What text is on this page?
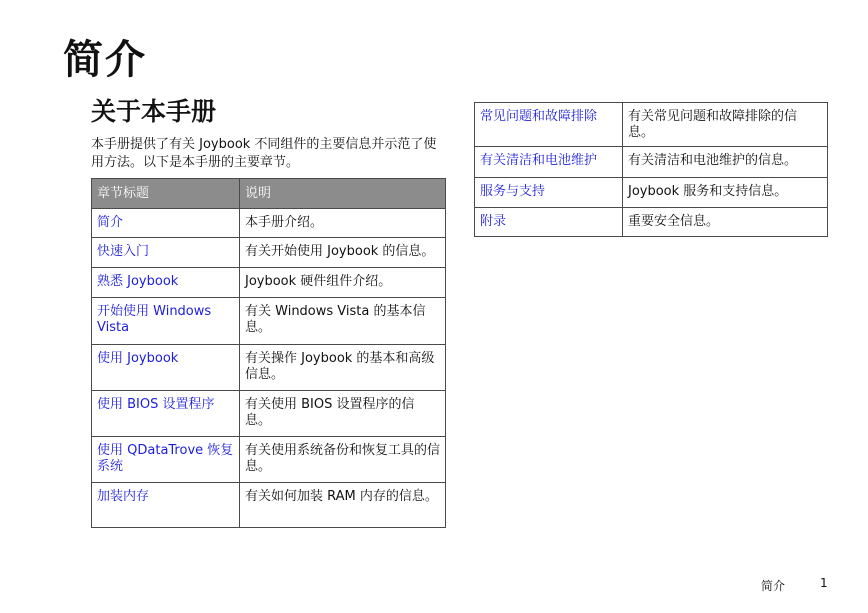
简介
关于本手册

本手册提供了有关 Joybook 不同组件的主要信息并示范了使用方法。以下是本手册的主要章节。

章节标题	说明
简介	本手册介绍。
快速入门	有关开始使用 Joybook 的信息。
熟悉 Joybook	Joybook 硬件组件介绍。
开始使用 Windows Vista	有关 Windows Vista 的基本信息。
使用 Joybook	有关操作 Joybook 的基本和高级信息。
使用 BIOS 设置程序	有关使用 BIOS 设置程序的信息。
使用 QDataTrove 恢复系统	有关使用系统备份和恢复工具的信息。
加装内存	有关如何加装 RAM 内存的信息。
常见问题和故障排除	有关常见问题和故障排除的信息。
有关清洁和电池维护	有关清洁和电池维护的信息。
服务与支持	Joybook 服务和支持信息。
附录	重要安全信息。
简介	1
